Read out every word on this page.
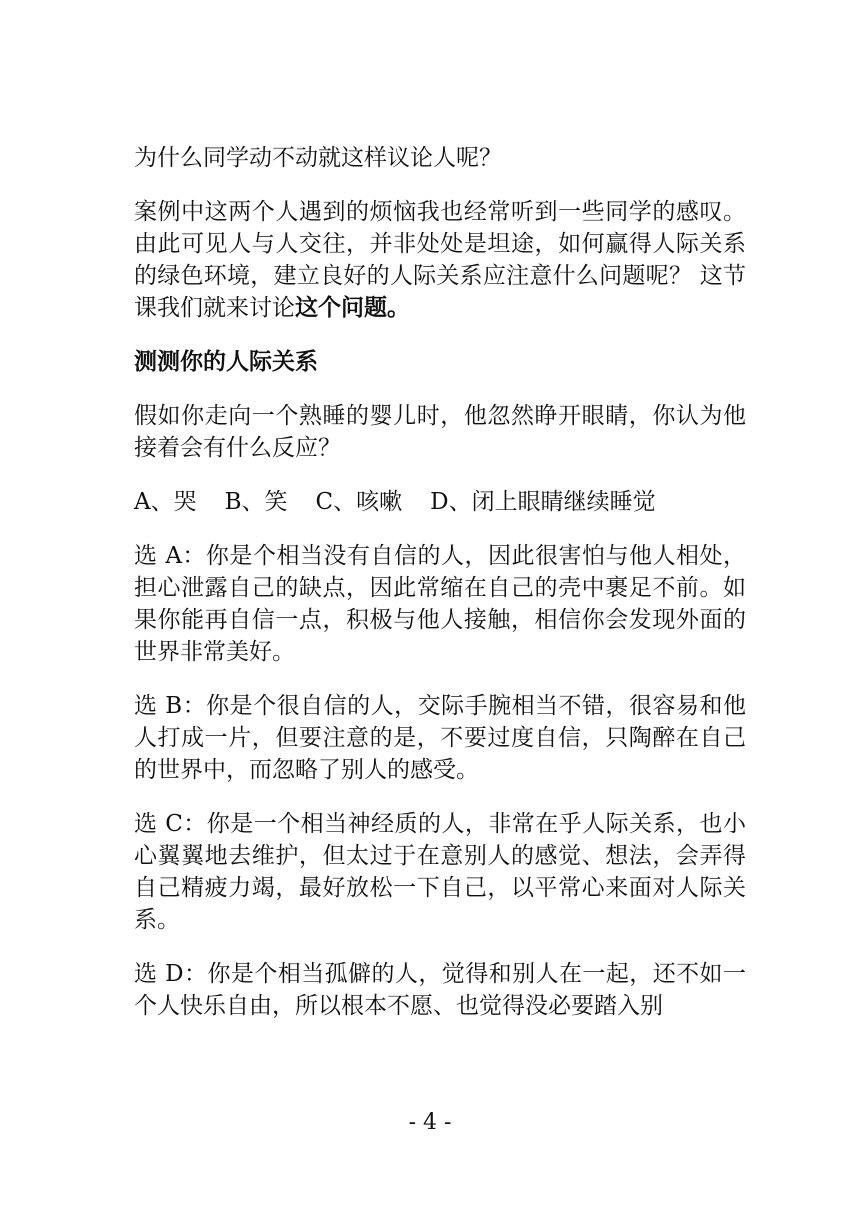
为什么同学动不动就这样议论人呢？

案例中这两个人遇到的烦恼我也经常听到一些同学的感叹。由此可见人与人交往，并非处处是坦途，如何赢得人际关系的绿色环境，建立良好的人际关系应注意什么问题呢？ 这节课我们就来讨论这个问题。

测测你的人际关系

假如你走向一个熟睡的婴儿时，他忽然睁开眼睛，你认为他接着会有什么反应？

A、哭 B、笑 C、咳嗽 D、闭上眼睛继续睡觉

选 A：你是个相当没有自信的人，因此很害怕与他人相处，担心泄露自己的缺点，因此常缩在自己的壳中裹足不前。如果你能再自信一点，积极与他人接触，相信你会发现外面的世界非常美好。

选 B：你是个很自信的人，交际手腕相当不错，很容易和他人打成一片，但要注意的是，不要过度自信，只陶醉在自己的世界中，而忽略了别人的感受。

选 C：你是一个相当神经质的人，非常在乎人际关系，也小心翼翼地去维护，但太过于在意别人的感觉、想法，会弄得自己精疲力竭，最好放松一下自己，以平常心来面对人际关系。

选 D：你是个相当孤僻的人，觉得和别人在一起，还不如一个人快乐自由，所以根本不愿、也觉得没必要踏入别

- 4 -
